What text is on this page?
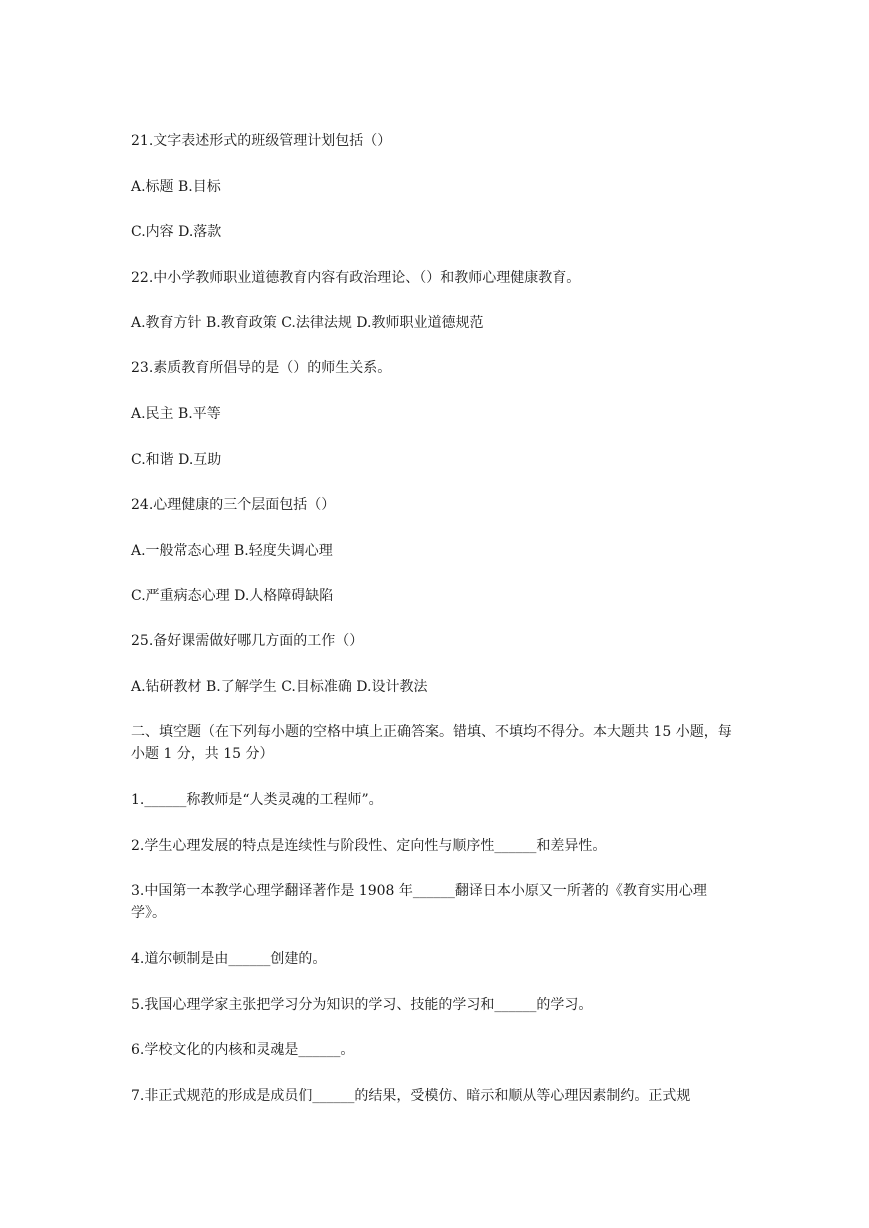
21.文字表述形式的班级管理计划包括（）
A.标题 B.目标
C.内容 D.落款
22.中小学教师职业道德教育内容有政治理论、（）和教师心理健康教育。
A.教育方针 B.教育政策 C.法律法规 D.教师职业道德规范
23.素质教育所倡导的是（）的师生关系。
A.民主 B.平等
C.和谐 D.互助
24.心理健康的三个层面包括（）
A.一般常态心理 B.轻度失调心理
C.严重病态心理 D.人格障碍缺陷
25.备好课需做好哪几方面的工作（）
A.钻研教材 B.了解学生 C.目标准确 D.设计教法
二、填空题（在下列每小题的空格中填上正确答案。错填、不填均不得分。本大题共 15 小题，每小题 1 分，共 15 分）
1.______称教师是“人类灵魂的工程师”。
2.学生心理发展的特点是连续性与阶段性、定向性与顺序性______和差异性。
3.中国第一本教学心理学翻译著作是 1908 年______翻译日本小原又一所著的《教育实用心理学》。
4.道尔顿制是由______创建的。
5.我国心理学家主张把学习分为知识的学习、技能的学习和______的学习。
6.学校文化的内核和灵魂是______。
7.非正式规范的形成是成员们______的结果，受模仿、暗示和顺从等心理因素制约。正式规
